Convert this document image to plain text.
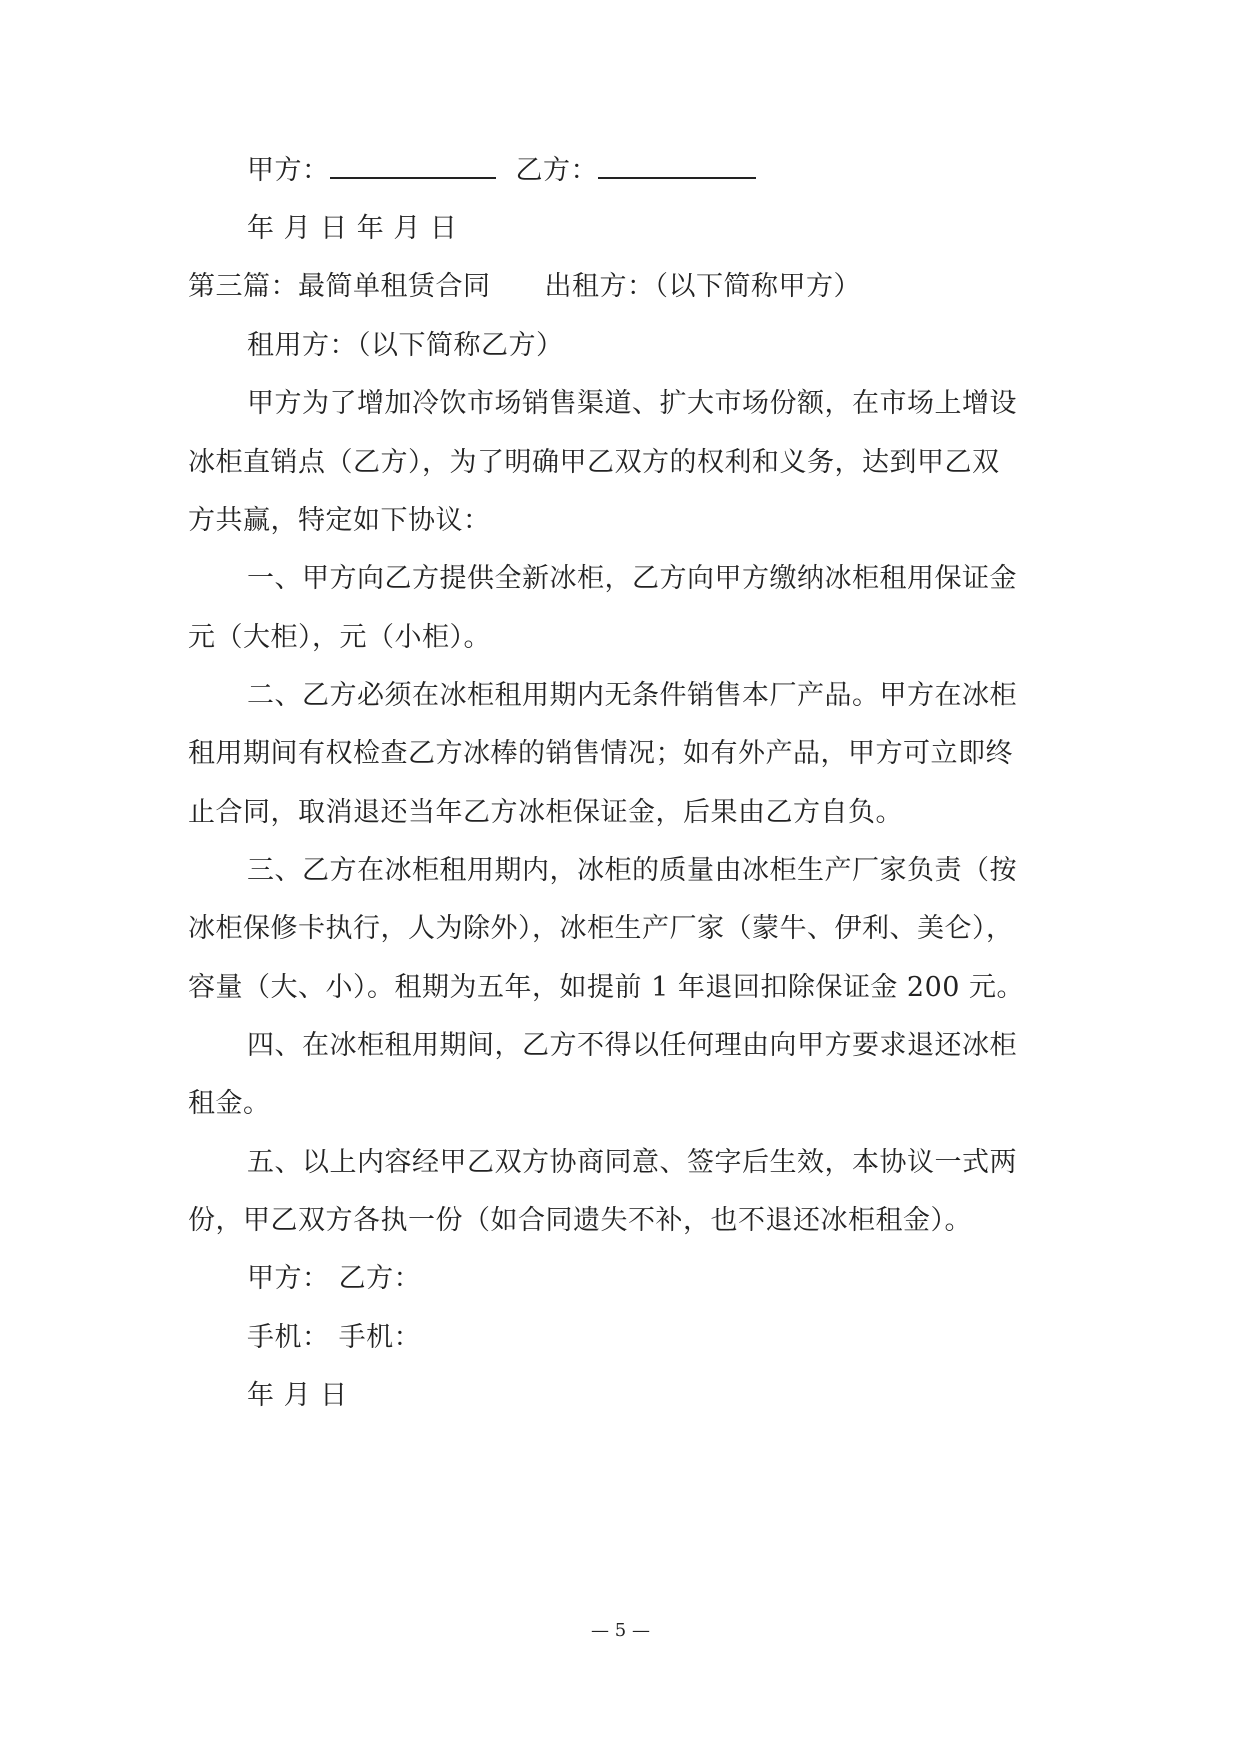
甲方：	乙方：
年 月 日 年 月 日
第三篇：最简单租赁合同 出租方：（以下简称甲方）
租用方：（以下简称乙方）
甲方为了增加冷饮市场销售渠道、扩大市场份额，在市场上增设
冰柜直销点（乙方），为了明确甲乙双方的权利和义务，达到甲乙双
方共赢，特定如下协议：
一、甲方向乙方提供全新冰柜，乙方向甲方缴纳冰柜租用保证金
元（大柜），元（小柜）。
二、乙方必须在冰柜租用期内无条件销售本厂产品。甲方在冰柜
租用期间有权检查乙方冰棒的销售情况；如有外产品，甲方可立即终
止合同，取消退还当年乙方冰柜保证金，后果由乙方自负。
三、乙方在冰柜租用期内，冰柜的质量由冰柜生产厂家负责（按
冰柜保修卡执行，人为除外），冰柜生产厂家（蒙牛、伊利、美仑），
容量（大、小）。租期为五年，如提前 1 年退回扣除保证金 200 元。
四、在冰柜租用期间，乙方不得以任何理由向甲方要求退还冰柜
租金。
五、以上内容经甲乙双方协商同意、签字后生效，本协议一式两
份，甲乙双方各执一份（如合同遗失不补，也不退还冰柜租金）。
甲方： 乙方：
手机： 手机：
年 月 日
— 5 —
